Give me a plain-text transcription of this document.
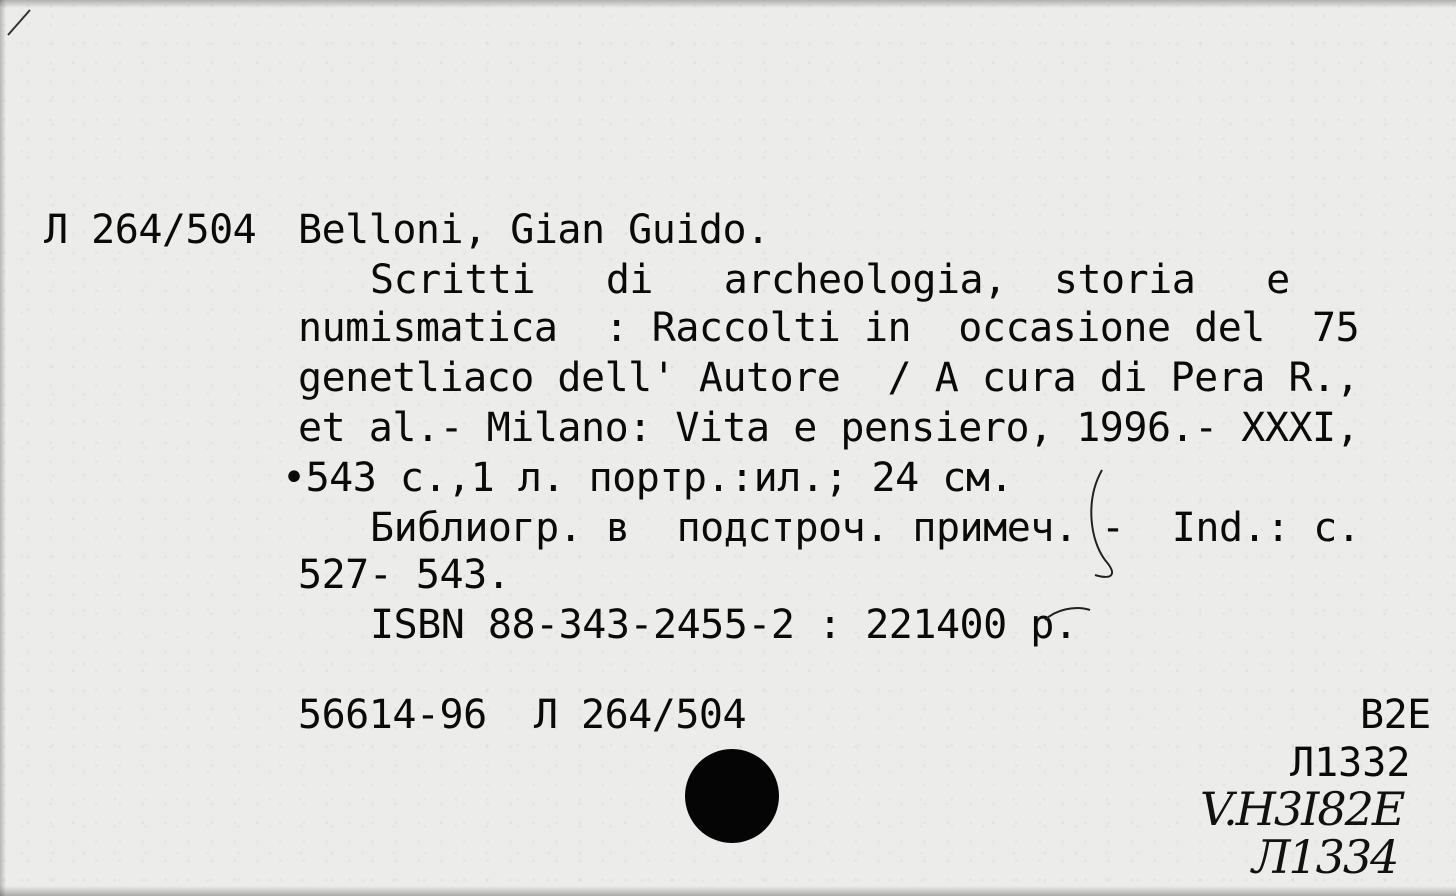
Л 264/504 Belloni, Gian Guido.
Scritti   di   archeologia,  storia   e
numismatica  : Raccolti in  occasione del  75
genetliaco dell' Autore  / A cura di Pera R.,
et al.- Milano: Vita e pensiero, 1996.- XXXI,
•543 с.,1 л. портр.:ил.; 24 см.
Библиогр. в  подстроч. примеч. -  Ind.: c.
527- 543.
ISBN 88-343-2455-2 : 221400 р.
56614-96  Л 264/504	B2E
Л1332
V.H3I82E
Л1334
